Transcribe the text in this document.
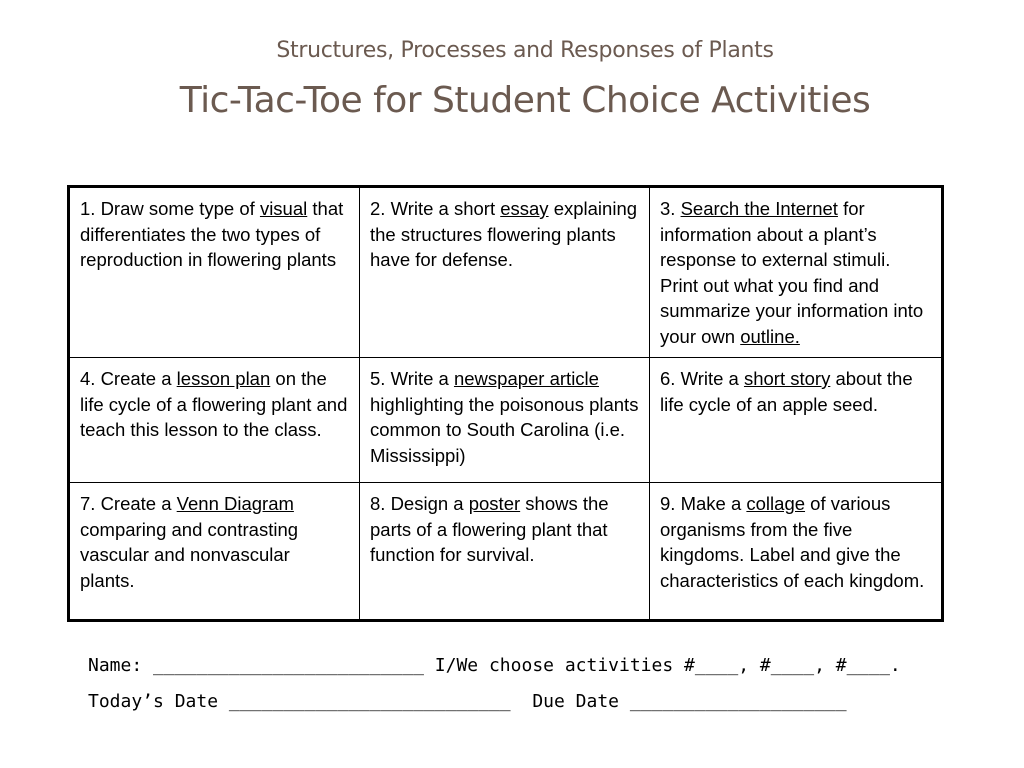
Structures, Processes and Responses of Plants
Tic-Tac-Toe for Student Choice Activities
1. Draw some type of visual that differentiates the two types of reproduction in flowering plants	2. Write a short essay explaining the structures flowering plants have for defense.	3. Search the Internet for information about a plant’s response to external stimuli. Print out what you find and summarize your information into your own outline.
4. Create a lesson plan on the life cycle of a flowering plant and teach this lesson to the class.	5. Write a newspaper article highlighting the poisonous plants common to South Carolina (i.e. Mississippi)	6. Write a short story about the life cycle of an apple seed.
7. Create a Venn Diagram comparing and contrasting vascular and nonvascular plants.	8. Design a poster shows the parts of a flowering plant that function for survival.	9. Make a collage of various organisms from the five kingdoms. Label and give the characteristics of each kingdom.
Name: _________________________ I/We choose activities #____, #____, #____.
Today’s Date __________________________  Due Date ____________________
